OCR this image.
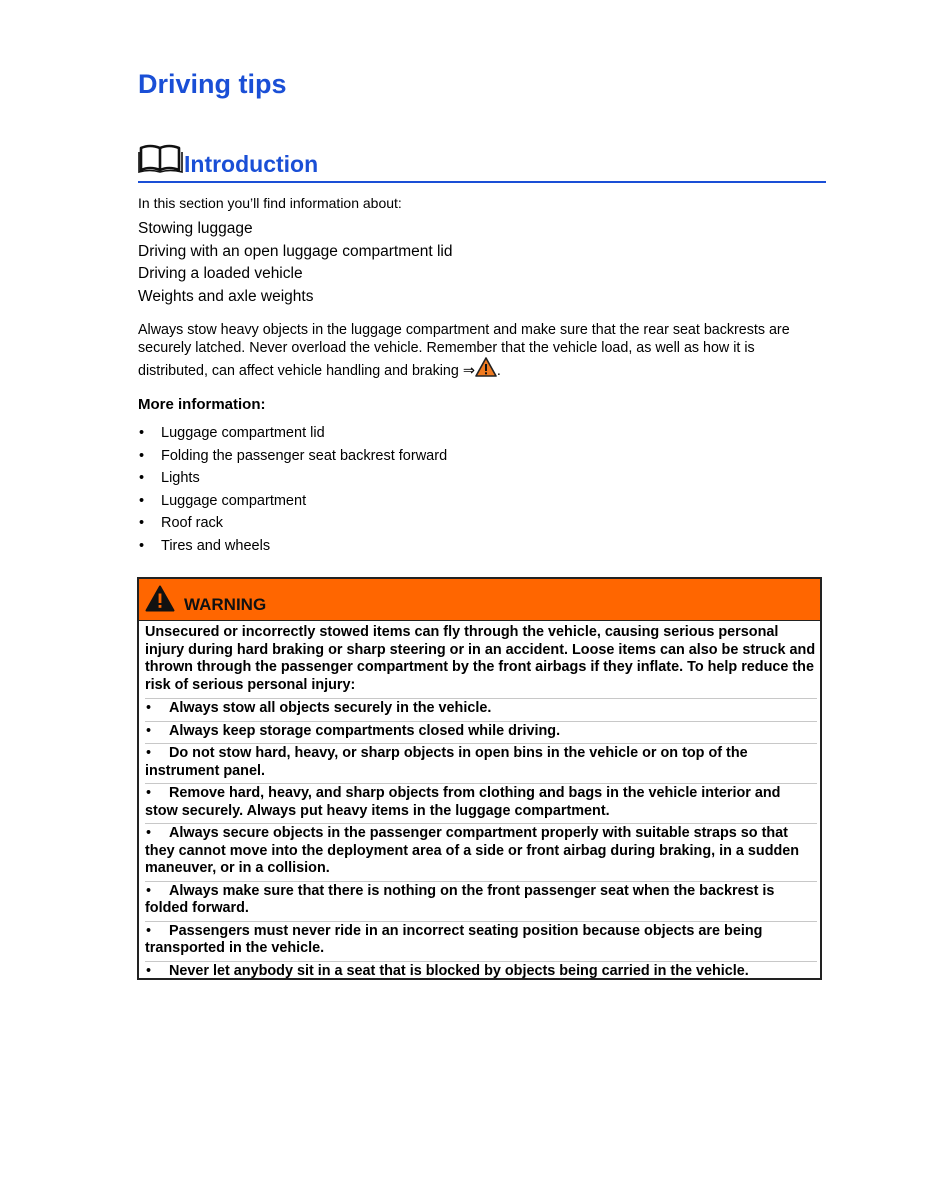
Driving tips
Introduction
In this section you’ll find information about:
Stowing luggage
Driving with an open luggage compartment lid
Driving a loaded vehicle
Weights and axle weights

Always stow heavy objects in the luggage compartment and make sure that the rear seat backrests are securely latched. Never overload the vehicle. Remember that the vehicle load, as well as how it is distributed, can affect vehicle handling and braking ⇒ .

More information:
• Luggage compartment lid
• Folding the passenger seat backrest forward
• Lights
• Luggage compartment
• Roof rack
• Tires and wheels
WARNING

Unsecured or incorrectly stowed items can fly through the vehicle, causing serious personal injury during hard braking or sharp steering or in an accident. Loose items can also be struck and thrown through the passenger compartment by the front airbags if they inflate. To help reduce the risk of serious personal injury:

• Always stow all objects securely in the vehicle.

• Always keep storage compartments closed while driving.

• Do not stow hard, heavy, or sharp objects in open bins in the vehicle or on top of the instrument panel.

• Remove hard, heavy, and sharp objects from clothing and bags in the vehicle interior and stow securely. Always put heavy items in the luggage compartment.

• Always secure objects in the passenger compartment properly with suitable straps so that they cannot move into the deployment area of a side or front airbag during braking, in a sudden maneuver, or in a collision.

• Always make sure that there is nothing on the front passenger seat when the backrest is folded forward.

• Passengers must never ride in an incorrect seating position because objects are being transported in the vehicle.

• Never let anybody sit in a seat that is blocked by objects being carried in the vehicle.
